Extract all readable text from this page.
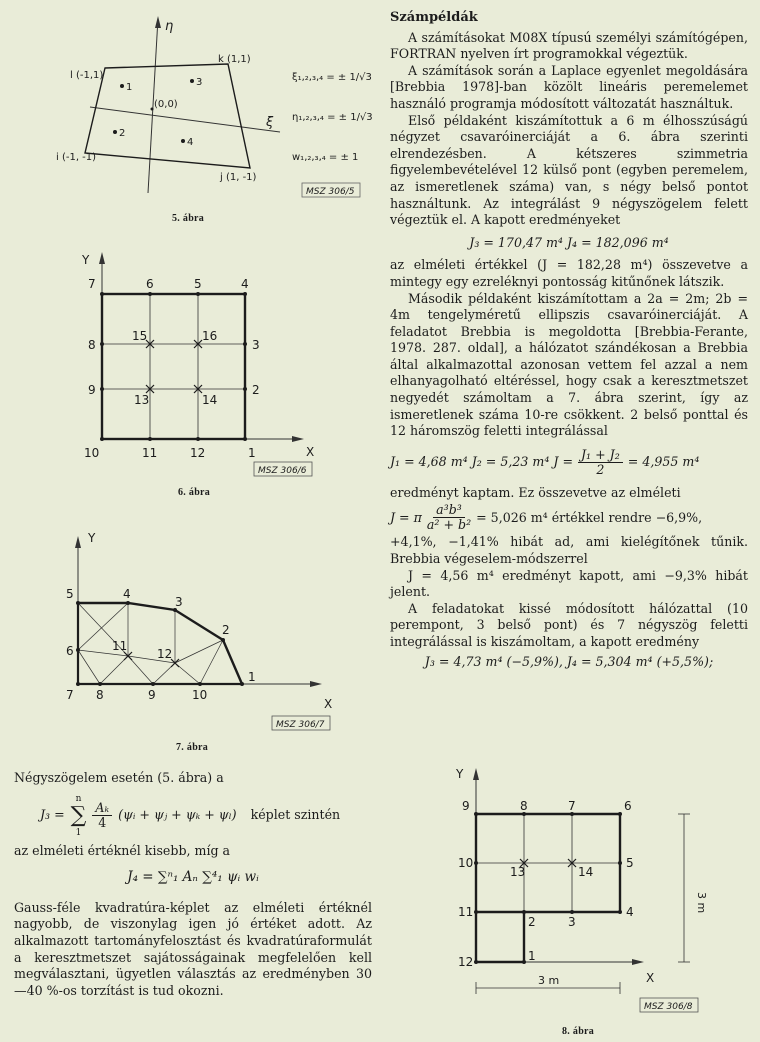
η
ξ
l (-1,1)
k (1,1)
i (-1, -1)
j (1, -1)
(0,0)
1
2
3
4
ξ₁,₂,₃,₄ = ± 1/√3
η₁,₂,₃,₄ = ± 1/√3
w₁,₂,₃,₄ = ± 1
MSZ 306/5
5. ábra
Y
X
1
2
3
4
5
6
7
8
9
10	11	12
13	14
15	16
MSZ 306/6
6. ábra
Y
X
1
2
3
4
5
6
7 8	9	10
11
12
MSZ 306/7
7. ábra
Y
X
1
2	3
4
5
6
7
8
9
10
11
12
13	14
3 m
3 m
MSZ 306/8
8. ábra

Négyszögelem esetén (5. ábra) a

J₃ =
n
∑
1
$\frac{\text{Aₖ}}{4}$ (ψᵢ + ψⱼ + ψₖ + ψₗ) képlet szintén

az elméleti értéknél kisebb, míg a

J₄ = ∑ⁿ₁ Aₙ ∑⁴₁ ψᵢ wᵢ

Gauss-féle kvadratúra-képlet az elméleti értéknél nagyobb, de viszonylag igen jó értéket adott. Az alkalmazott tartományfelosztást és kvadratúraformulát a keresztmetszet sajátosságainak megfelelően kell megválasztani, ügyetlen választás az eredményben 30—40 %-os torzítást is tud okozni.

Számpéldák

A számításokat M08X típusú személyi számítógépen, FORTRAN nyelven írt programokkal végeztük.

A számítások során a Laplace egyenlet megoldására [Brebbia 1978]-ban közölt lineáris peremelemet használó programja módosított változatát használtuk.

Első példaként kiszámítottuk a 6 m élhosszúságú négyzet csavaróinerciáját a 6. ábra szerinti elrendezésben. A kétszeres szimmetria figyelembevételével 12 külső pont (egyben peremelem, az ismeretlenek száma) van, s négy belső pontot használtunk. Az integrálást 9 négyszögelem felett végeztük el. A kapott eredményeket

J₃ = 170,47 m⁴ J₄ = 182,096 m⁴

az elméleti értékkel (J = 182,28 m⁴) összevetve a mintegy egy ezreléknyi pontosság kitűnőnek látszik.

Második példaként kiszámítottam a 2a = 2m; 2b = 4m tengelyméretű ellipszis csavaróinerciáját. A feladatot Brebbia is megoldotta [Brebbia-Ferante, 1978. 287. oldal], a hálózatot szándékosan a Brebbia által alkalmazottal azonosan vettem fel azzal a nem elhanyagolható eltéréssel, hogy csak a keresztmetszet negyedét számoltam a 7. ábra szerint, így az ismeretlenek száma 10-re csökkent. 2 belső ponttal és 12 háromszög feletti integrálással

J₁ = 4,68 m⁴ J₂ = 5,23 m⁴ $J = \frac{\text{J₁ + J₂}}{2} = 4,955$ m⁴

eredményt kaptam. Ez összevetve az elméleti

J = π $\frac{\text{a³b³}}{\text{a² + b²}} = 5,026$ m⁴ értékkel rendre −6,9%,

+4,1%, −1,41% hibát ad, ami kielégítőnek tűnik. Brebbia végeselem-módszerrel

J = 4,56 m⁴ eredményt kapott, ami −9,3% hibát jelent.

A feladatokat kissé módosított hálózattal (10 perempont, 3 belső pont) és 7 négyszög feletti integrálással is kiszámoltam, a kapott eredmény

J₃ = 4,73 m⁴ (−5,9%), J₄ = 5,304 m⁴ (+5,5%);
